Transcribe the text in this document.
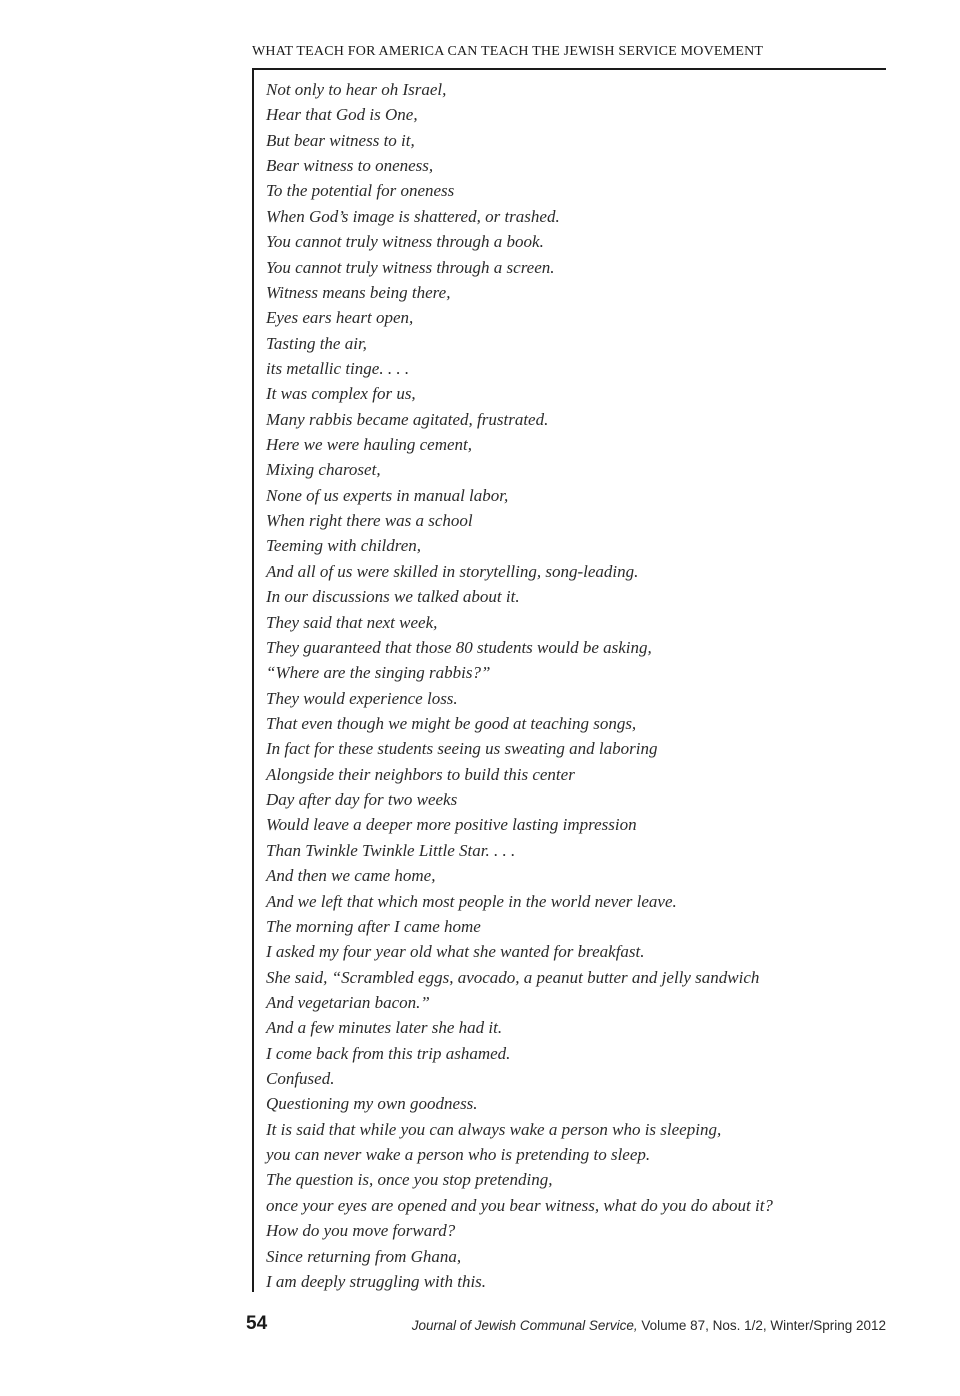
WHAT TEACH FOR AMERICA CAN TEACH THE JEWISH SERVICE MOVEMENT
Not only to hear oh Israel,
Hear that God is One,
But bear witness to it,
Bear witness to oneness,
To the potential for oneness
When God’s image is shattered, or trashed.
You cannot truly witness through a book.
You cannot truly witness through a screen.
Witness means being there,
Eyes ears heart open,
Tasting the air,
its metallic tinge. . . .
It was complex for us,
Many rabbis became agitated, frustrated.
Here we were hauling cement,
Mixing charoset,
None of us experts in manual labor,
When right there was a school
Teeming with children,
And all of us were skilled in storytelling, song-leading.
In our discussions we talked about it.
They said that next week,
They guaranteed that those 80 students would be asking,
“Where are the singing rabbis?”
They would experience loss.
That even though we might be good at teaching songs,
In fact for these students seeing us sweating and laboring
Alongside their neighbors to build this center
Day after day for two weeks
Would leave a deeper more positive lasting impression
Than Twinkle Twinkle Little Star. . . .
And then we came home,
And we left that which most people in the world never leave.
The morning after I came home
I asked my four year old what she wanted for breakfast.
She said, “Scrambled eggs, avocado, a peanut butter and jelly sandwich
And vegetarian bacon.”
And a few minutes later she had it.
I come back from this trip ashamed.
Confused.
Questioning my own goodness.
It is said that while you can always wake a person who is sleeping,
you can never wake a person who is pretending to sleep.
The question is, once you stop pretending,
once your eyes are opened and you bear witness, what do you do about it?
How do you move forward?
Since returning from Ghana,
I am deeply struggling with this.
54	Journal of Jewish Communal Service, Volume 87, Nos. 1/2, Winter/Spring 2012
